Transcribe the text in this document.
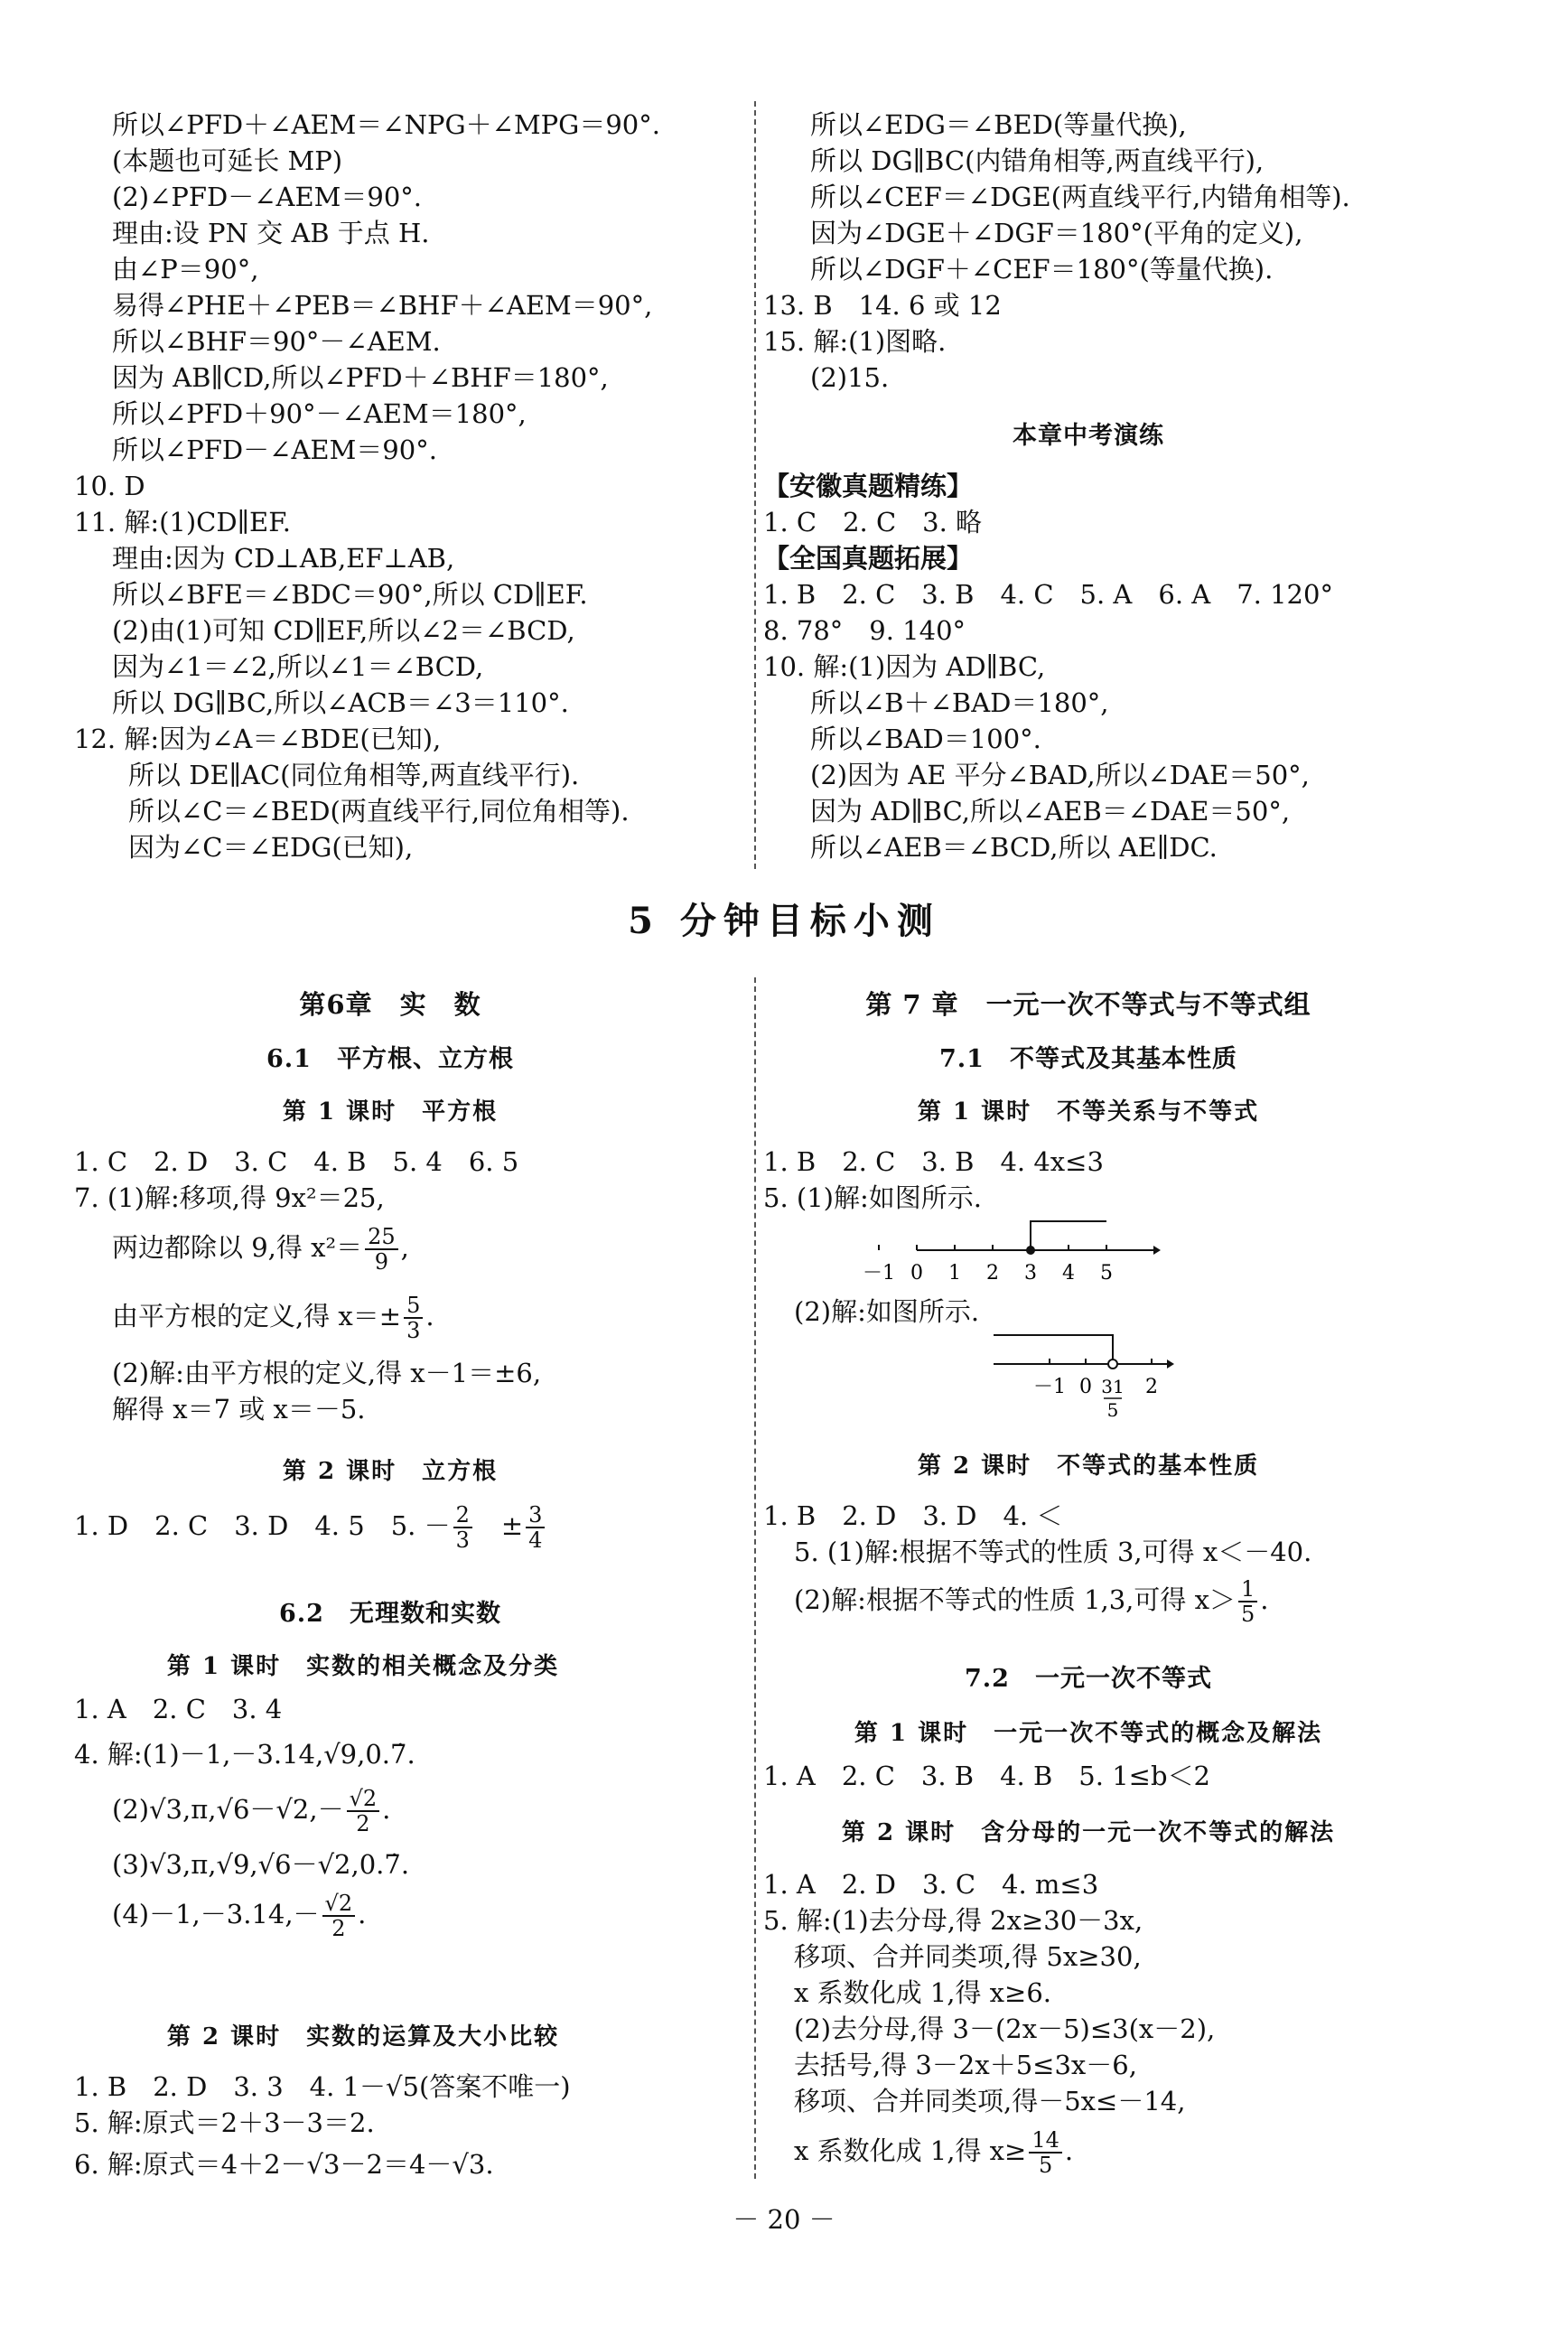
所以∠PFD＋∠AEM＝∠NPG＋∠MPG＝90°.
(本题也可延长 MP)
(2)∠PFD－∠AEM＝90°.
理由:设 PN 交 AB 于点 H.
由∠P＝90°,
易得∠PHE＋∠PEB＝∠BHF＋∠AEM＝90°,
所以∠BHF＝90°－∠AEM.
因为 AB∥CD,所以∠PFD＋∠BHF＝180°,
所以∠PFD＋90°－∠AEM＝180°,
所以∠PFD－∠AEM＝90°.
10. D
11. 解:(1)CD∥EF.
理由:因为 CD⊥AB,EF⊥AB,
所以∠BFE＝∠BDC＝90°,所以 CD∥EF.
(2)由(1)可知 CD∥EF,所以∠2＝∠BCD,
因为∠1＝∠2,所以∠1＝∠BCD,
所以 DG∥BC,所以∠ACB＝∠3＝110°.
12. 解:因为∠A＝∠BDE(已知),
所以 DE∥AC(同位角相等,两直线平行).
所以∠C＝∠BED(两直线平行,同位角相等).
因为∠C＝∠EDG(已知),
所以∠EDG＝∠BED(等量代换),
所以 DG∥BC(内错角相等,两直线平行),
所以∠CEF＝∠DGE(两直线平行,内错角相等).
因为∠DGE＋∠DGF＝180°(平角的定义),
所以∠DGF＋∠CEF＝180°(等量代换).
13. B　14. 6 或 12
15. 解:(1)图略.
(2)15.
本章中考演练
【安徽真题精练】
1. C　2. C　3. 略
【全国真题拓展】
1. B　2. C　3. B　4. C　5. A　6. A　7. 120°
8. 78°　9. 140°
10. 解:(1)因为 AD∥BC,
所以∠B＋∠BAD＝180°,
所以∠BAD＝100°.
(2)因为 AE 平分∠BAD,所以∠DAE＝50°,
因为 AD∥BC,所以∠AEB＝∠DAE＝50°,
所以∠AEB＝∠BCD,所以 AE∥DC.
5 分钟目标小测
第6章　实　数
6.1　平方根、立方根
第 1 课时　平方根
1. C　2. D　3. C　4. B　5. 4　6. 5
7. (1)解:移项,得 9x²＝25,
两边都除以 9,得 $x^2= \frac{25}{9}$ ,
由平方根的定义,得 $x=\pm \frac{5}{3}$ .
(2)解:由平方根的定义,得 x－1＝±6,
解得 x＝7 或 x＝－5.
第 2 课时　立方根
1. D　2. C　3. D　4. 5　5. － $\frac{2}{3}$ 　± $\frac{3}{4}$
6.2　无理数和实数
第 1 课时　实数的相关概念及分类
1. A　2. C　3. 4
4. 解:(1)－1,－3.14,√9,0.7̇.
$(2)√3,\pi,√6-√2,- \frac{√2}{2}$ .
(3)√3,π,√9,√6－√2,0.7̇.
$(4)-1,-3.14,- \frac{√2}{2}$ .
第 2 课时　实数的运算及大小比较
1. B　2. D　3. 3　4. 1－√5(答案不唯一)
5. 解:原式＝2＋3－3＝2.
6. 解:原式＝4＋2－√3－2＝4－√3.
第 7 章　一元一次不等式与不等式组
7.1　不等式及其基本性质
第 1 课时　不等关系与不等式
1. B　2. C　3. B　4. 4x≤3
5. (1)解:如图所示.
－1 0 1 2 3 4 5
(2)解:如图所示.
－1 0	2
31
5
第 2 课时　不等式的基本性质
1. B　2. D　3. D　4. ＜
5. (1)解:根据不等式的性质 3,可得 x＜－40.
(2)解:根据不等式的性质 1,3,可得 $x> \frac{1}{5}$ .
7.2　一元一次不等式
第 1 课时　一元一次不等式的概念及解法
1. A　2. C　3. B　4. B　5. 1≤b＜2
第 2 课时　含分母的一元一次不等式的解法
1. A　2. D　3. C　4. m≤3
5. 解:(1)去分母,得 2x≥30－3x,
移项、合并同类项,得 5x≥30,
x 系数化成 1,得 x≥6.
(2)去分母,得 3－(2x－5)≤3(x－2),
去括号,得 3－2x＋5≤3x－6,
移项、合并同类项,得－5x≤－14,
x 系数化成 1,得 $x\ge \frac{14}{5}$ .
－ 20 －
